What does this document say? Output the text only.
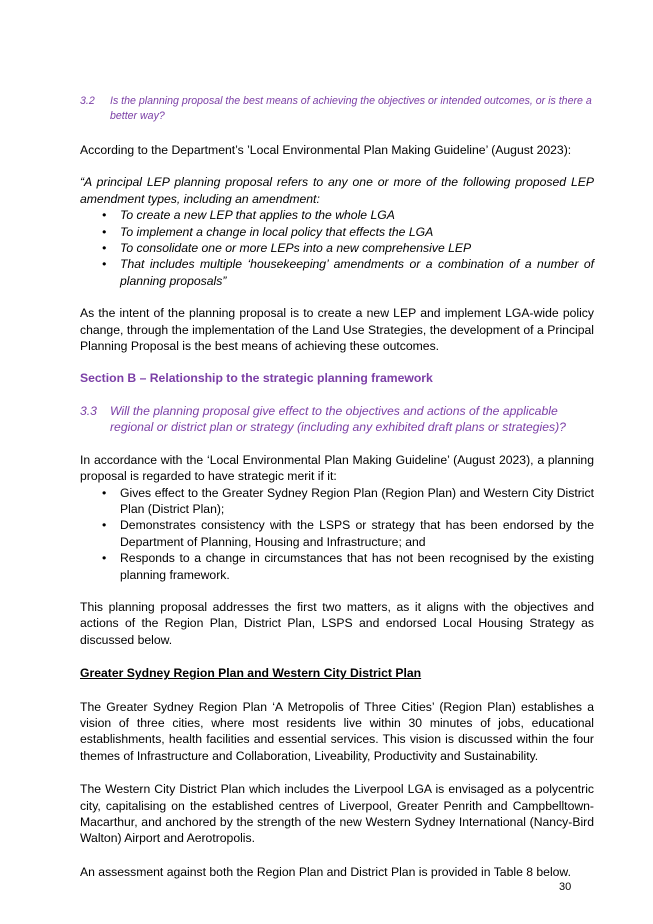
3.2 Is the planning proposal the best means of achieving the objectives or intended outcomes, or is there a better way?

According to the Department’s ’Local Environmental Plan Making Guideline’ (August 2023):

“A principal LEP planning proposal refers to any one or more of the following proposed LEP amendment types, including an amendment:

• To create a new LEP that applies to the whole LGA
• To implement a change in local policy that effects the LGA
• To consolidate one or more LEPs into a new comprehensive LEP
• That includes multiple ‘housekeeping’ amendments or a combination of a number of planning proposals”

As the intent of the planning proposal is to create a new LEP and implement LGA-wide policy change, through the implementation of the Land Use Strategies, the development of a Principal Planning Proposal is the best means of achieving these outcomes.

Section B – Relationship to the strategic planning framework

3.3 Will the planning proposal give effect to the objectives and actions of the applicable regional or district plan or strategy (including any exhibited draft plans or strategies)?

In accordance with the ‘Local Environmental Plan Making Guideline’ (August 2023), a planning proposal is regarded to have strategic merit if it:

• Gives effect to the Greater Sydney Region Plan (Region Plan) and Western City District Plan (District Plan);
• Demonstrates consistency with the LSPS or strategy that has been endorsed by the Department of Planning, Housing and Infrastructure; and
• Responds to a change in circumstances that has not been recognised by the existing planning framework.

This planning proposal addresses the first two matters, as it aligns with the objectives and actions of the Region Plan, District Plan, LSPS and endorsed Local Housing Strategy as discussed below.

Greater Sydney Region Plan and Western City District Plan

The Greater Sydney Region Plan ‘A Metropolis of Three Cities’ (Region Plan) establishes a vision of three cities, where most residents live within 30 minutes of jobs, educational establishments, health facilities and essential services. This vision is discussed within the four themes of Infrastructure and Collaboration, Liveability, Productivity and Sustainability.

The Western City District Plan which includes the Liverpool LGA is envisaged as a polycentric city, capitalising on the established centres of Liverpool, Greater Penrith and Campbelltown-Macarthur, and anchored by the strength of the new Western Sydney International (Nancy-Bird Walton) Airport and Aerotropolis.

An assessment against both the Region Plan and District Plan is provided in Table 8 below.

30
